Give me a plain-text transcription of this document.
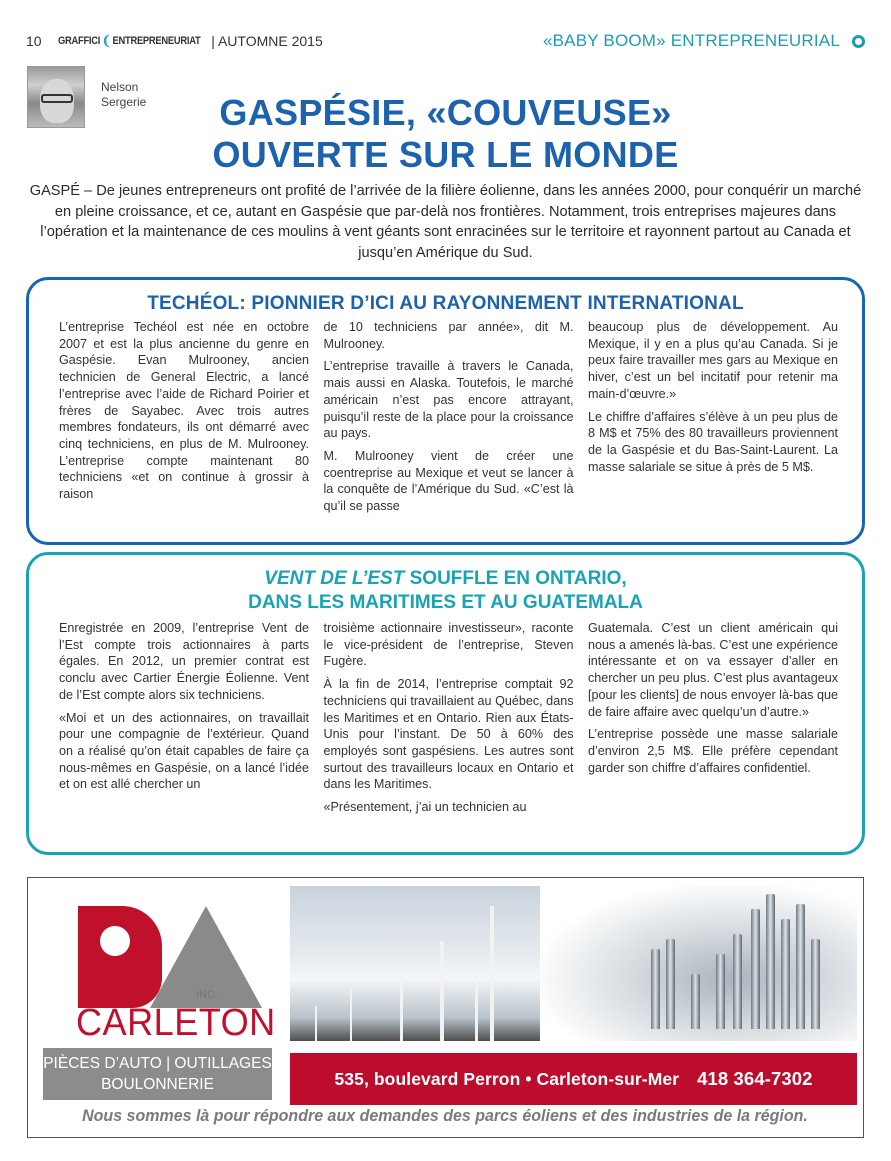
10 GRAFFICI ❨ ENTREPRENEURIAT | AUTOMNE 2015	«BABY BOOM» ENTREPRENEURIAL
Nelson
Sergerie	GASPÉSIE, «COUVEUSE»
OUVERTE SUR LE MONDE

GASPÉ – De jeunes entrepreneurs ont profité de l’arrivée de la filière éolienne, dans les années 2000, pour conquérir un marché en pleine croissance, et ce, autant en Gaspésie que par-delà nos frontières. Notamment, trois entreprises majeures dans l’opération et la maintenance de ces moulins à vent géants sont enracinées sur le territoire et rayonnent partout au Canada et jusqu’en Amérique du Sud.

TECHÉOL: PIONNIER D’ICI AU RAYONNEMENT INTERNATIONAL

L’entreprise Techéol est née en octobre 2007 et est la plus ancienne du genre en Gaspésie. Evan Mulrooney, ancien technicien de General Electric, a lancé l’entreprise avec l’aide de Richard Poirier et frères de Sayabec. Avec trois autres membres fondateurs, ils ont démarré avec cinq techniciens, en plus de M. Mulrooney. L’entreprise compte maintenant 80 techniciens «et on continue à grossir à raison

de 10 techniciens par année», dit M. Mulrooney.

L’entreprise travaille à travers le Canada, mais aussi en Alaska. Toutefois, le marché américain n’est pas encore attrayant, puisqu’il reste de la place pour la croissance au pays.

M. Mulrooney vient de créer une coentreprise au Mexique et veut se lancer à la conquête de l’Amérique du Sud. «C’est là qu’il se passe

beaucoup plus de développement. Au Mexique, il y en a plus qu’au Canada. Si je peux faire travailler mes gars au Mexique en hiver, c’est un bel incitatif pour retenir ma main-d’œuvre.»

Le chiffre d’affaires s’élève à un peu plus de 8 M$ et 75% des 80 travailleurs proviennent de la Gaspésie et du Bas-Saint-Laurent. La masse salariale se situe à près de 5 M$.

VENT DE L’EST SOUFFLE EN ONTARIO,
DANS LES MARITIMES ET AU GUATEMALA

Enregistrée en 2009, l’entreprise Vent de l’Est compte trois actionnaires à parts égales. En 2012, un premier contrat est conclu avec Cartier Énergie Éolienne. Vent de l’Est compte alors six techniciens.

«Moi et un des actionnaires, on travaillait pour une compagnie de l’extérieur. Quand on a réalisé qu’on était capables de faire ça nous-mêmes en Gaspésie, on a lancé l’idée et on est allé chercher un

troisième actionnaire investisseur», raconte le vice-président de l’entreprise, Steven Fugère.

À la fin de 2014, l’entreprise comptait 92 techniciens qui travaillaient au Québec, dans les Maritimes et en Ontario. Rien aux États-Unis pour l’instant. De 50 à 60% des employés sont gaspésiens. Les autres sont surtout des travailleurs locaux en Ontario et dans les Maritimes.

«Présentement, j’ai un technicien au

Guatemala. C’est un client américain qui nous a amenés là-bas. C’est une expérience intéressante et on va essayer d’aller en chercher un peu plus. C’est plus avantageux [pour les clients] de nous envoyer là-bas que de faire affaire avec quelqu’un d’autre.»

L’entreprise possède une masse salariale d’environ 2,5 M$. Elle préfère cependant garder son chiffre d’affaires confidentiel.

INC.
CARLETON
PIÈCES D’AUTO | OUTILLAGES
BOULONNERIE	535, boulevard Perron • Carleton-sur-Mer 418 364-7302
Nous sommes là pour répondre aux demandes des parcs éoliens et des industries de la région.
